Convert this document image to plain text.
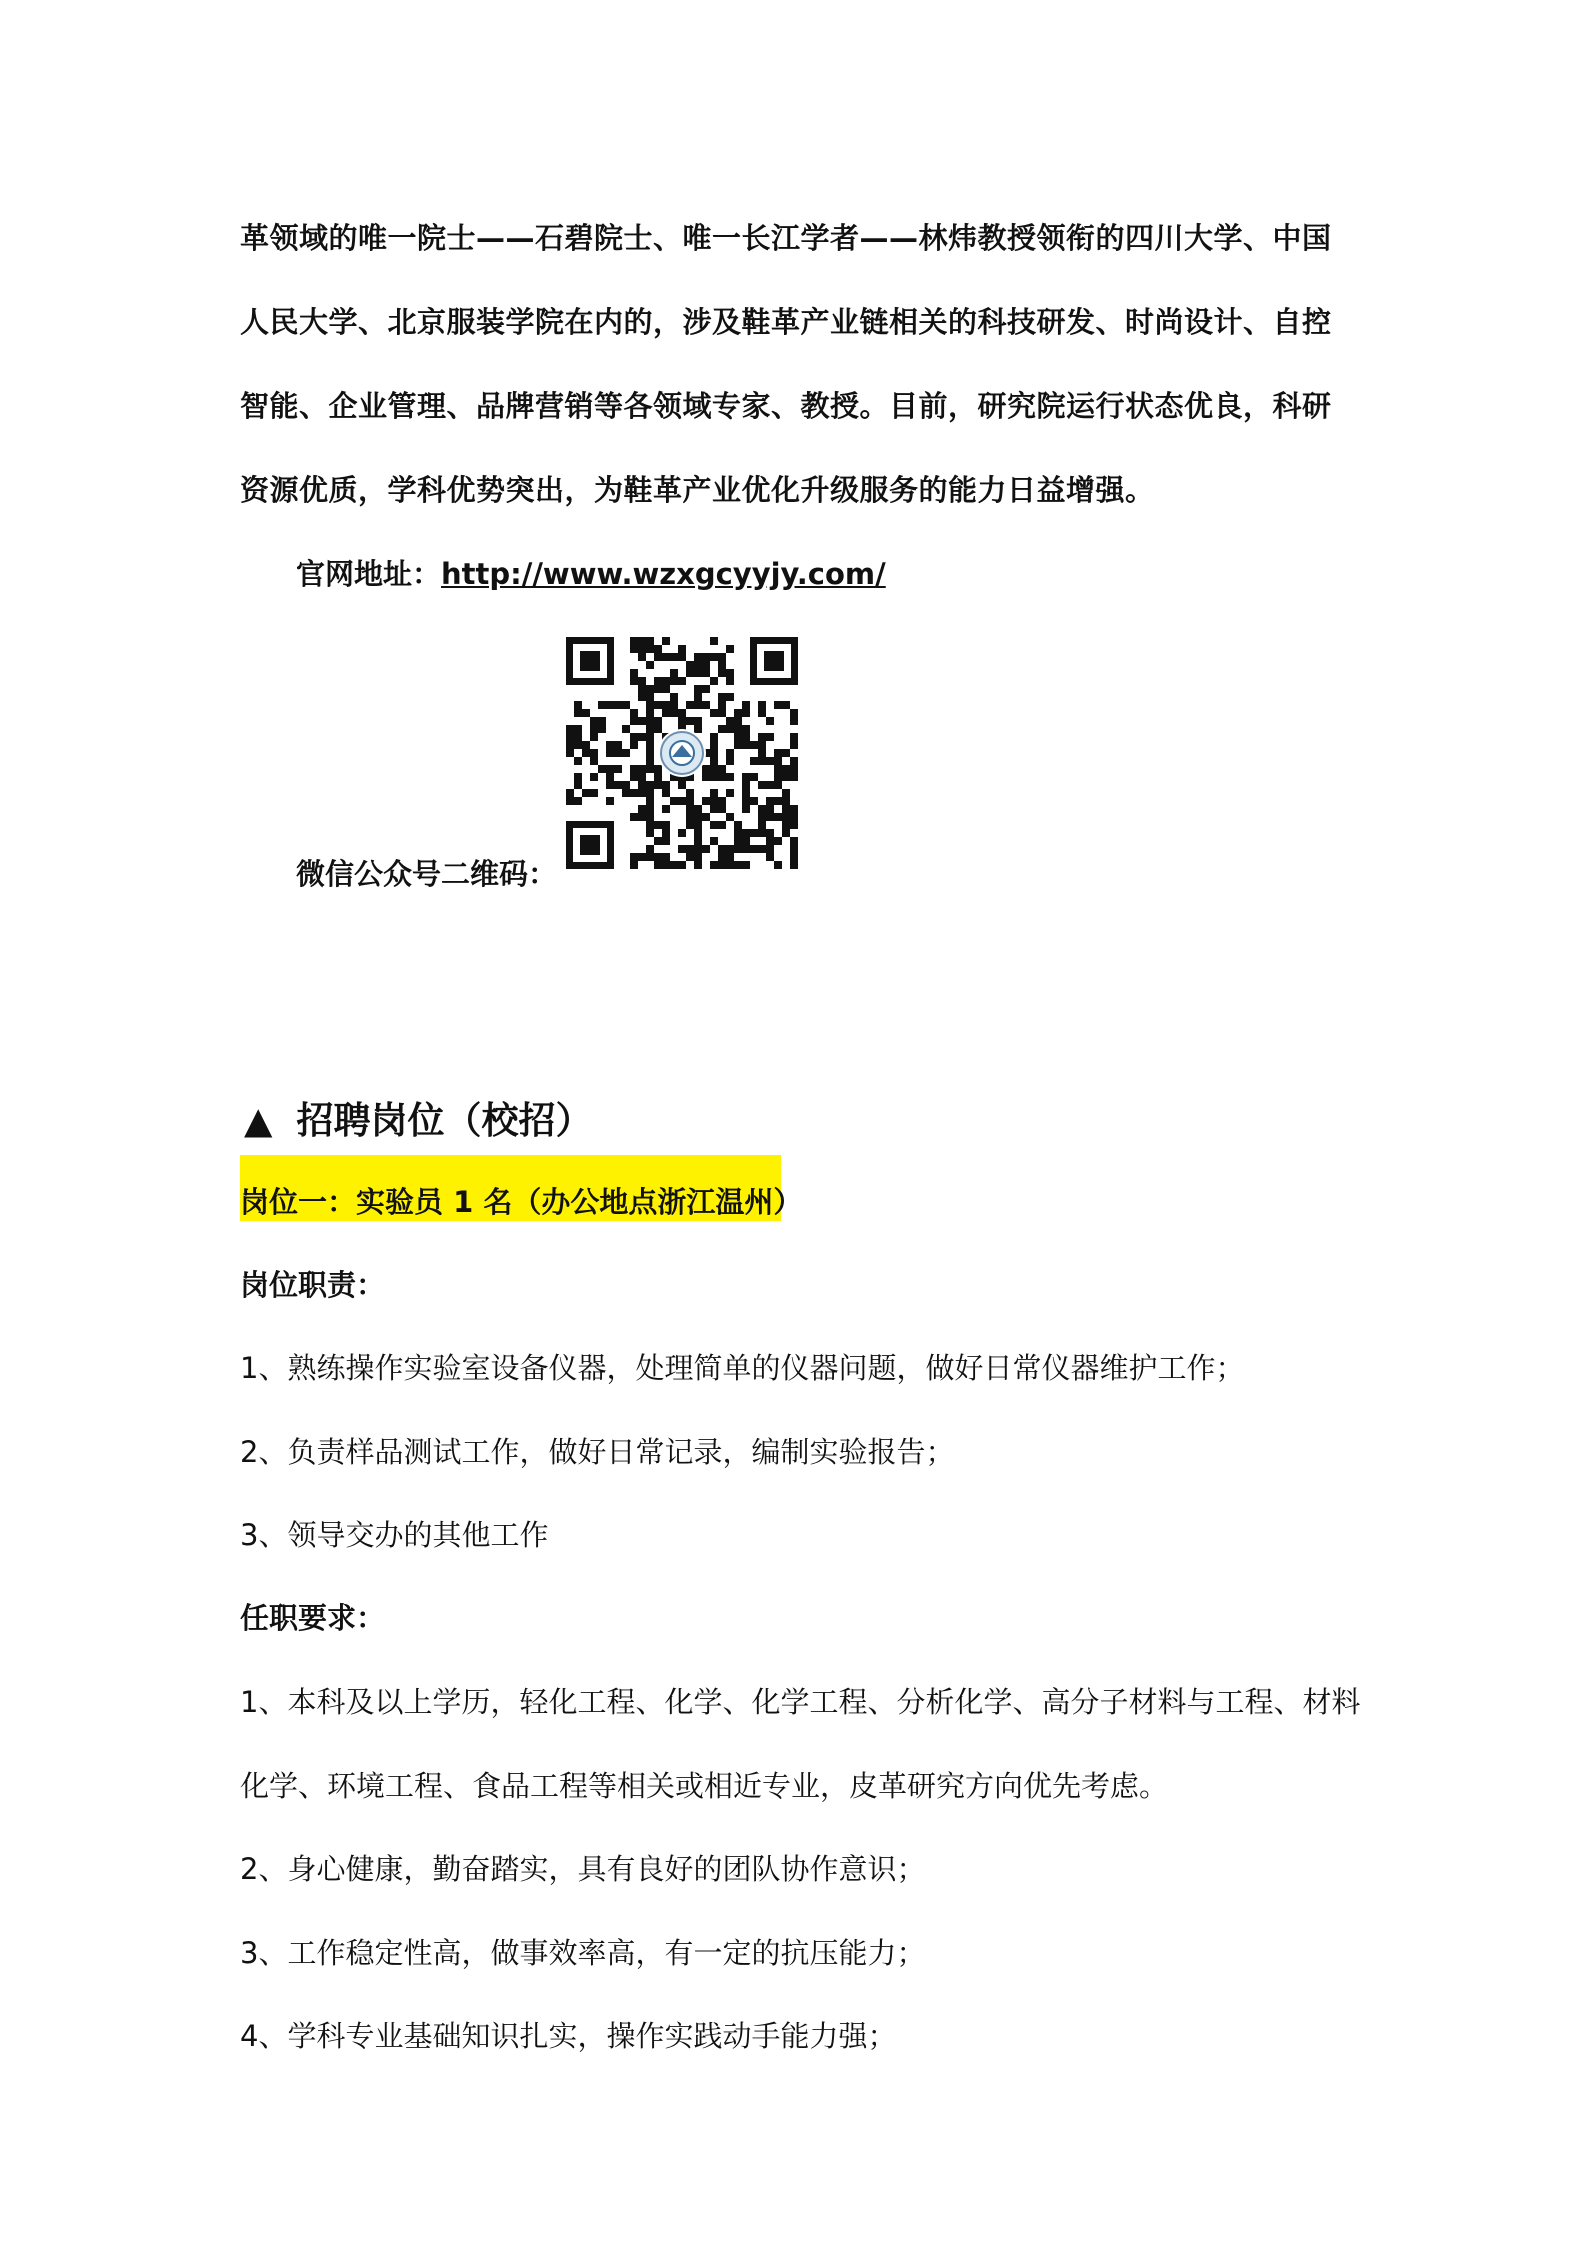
革领域的唯一院士——石碧院士、唯一长江学者——林炜教授领衔的四川大学、中国人民大学、北京服装学院在内的，涉及鞋革产业链相关的科技研发、时尚设计、自控智能、企业管理、品牌营销等各领域专家、教授。目前，研究院运行状态优良，科研资源优质，学科优势突出，为鞋革产业优化升级服务的能力日益增强。
官网地址：http://www.wzxgcyyjy.com/
微信公众号二维码：
▲ 招聘岗位（校招）
岗位一：实验员 1 名（办公地点浙江温州）
岗位职责：
1、熟练操作实验室设备仪器，处理简单的仪器问题，做好日常仪器维护工作；
2、负责样品测试工作，做好日常记录，编制实验报告；
3、领导交办的其他工作
任职要求：
1、本科及以上学历，轻化工程、化学、化学工程、分析化学、高分子材料与工程、材料
化学、环境工程、食品工程等相关或相近专业，皮革研究方向优先考虑。
2、身心健康，勤奋踏实，具有良好的团队协作意识；
3、工作稳定性高，做事效率高，有一定的抗压能力；
4、学科专业基础知识扎实，操作实践动手能力强；
